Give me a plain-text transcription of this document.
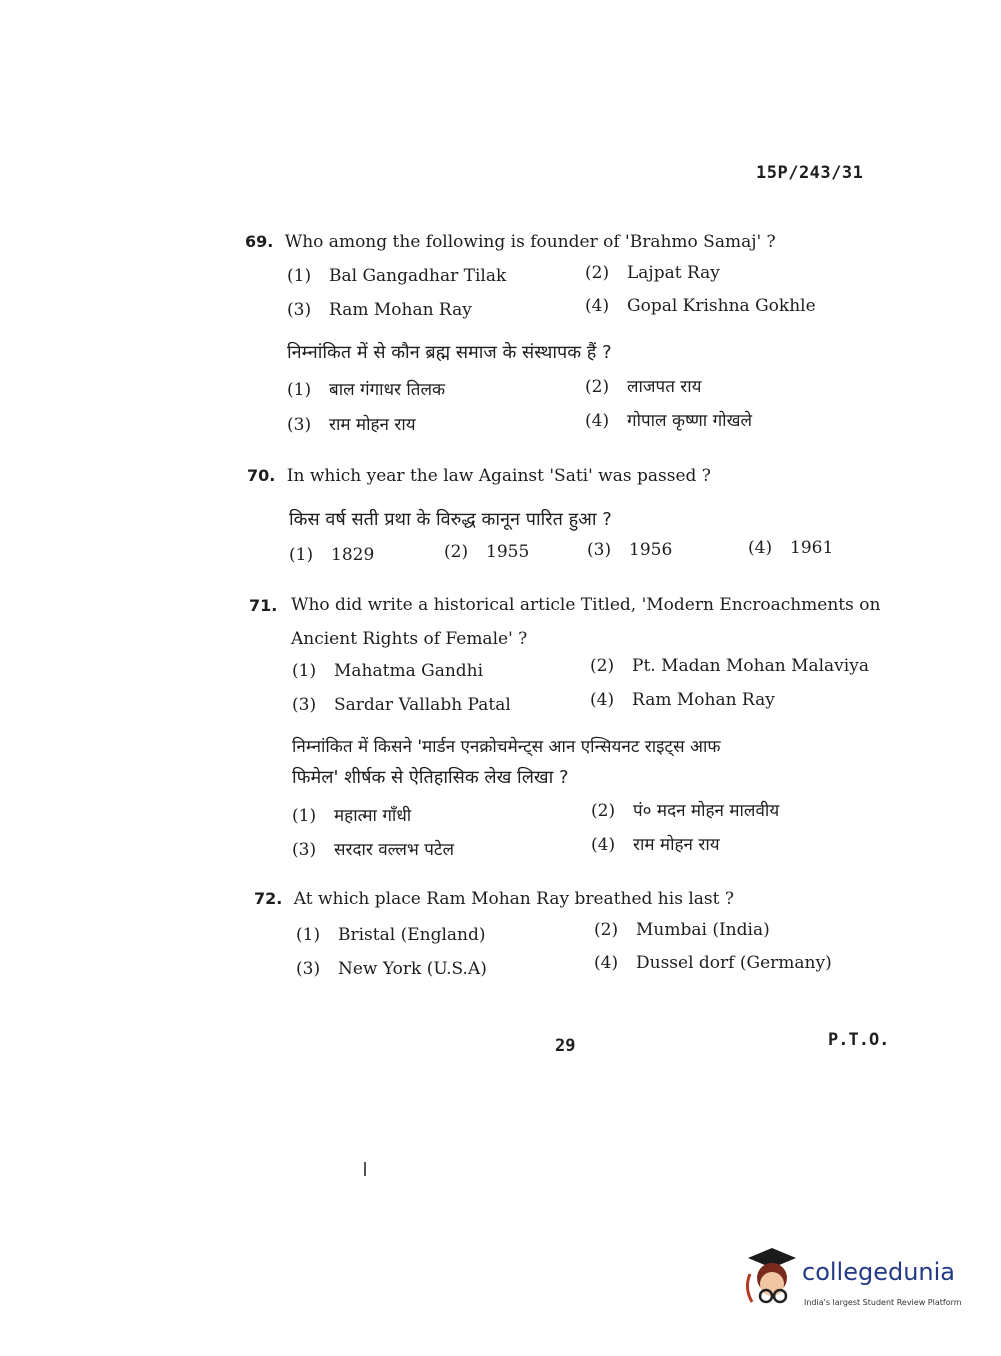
15P/243/31
69. Who among the following is founder of 'Brahmo Samaj' ?
(1) Bal Gangadhar Tilak	(2) Lajpat Ray
(3) Ram Mohan Ray	(4) Gopal Krishna Gokhle
निम्नांकित में से कौन ब्रह्म समाज के संस्थापक हैं ?
(1) बाल गंगाधर तिलक	(2) लाजपत राय
(3) राम मोहन राय	(4) गोपाल कृष्णा गोखले
70. In which year the law Against 'Sati' was passed ?
किस वर्ष सती प्रथा के विरुद्ध कानून पारित हुआ ?
(1) 1829	(2) 1955	(3) 1956	(4) 1961
71. Who did write a historical article Titled, 'Modern Encroachments on Ancient Rights of Female' ?
(1) Mahatma Gandhi	(2) Pt. Madan Mohan Malaviya
(3) Sardar Vallabh Patal	(4) Ram Mohan Ray
निम्नांकित में किसने 'मार्डन एनक्रोचमेन्ट्स आन एन्सियनट राइट्स आफ
फिमेल' शीर्षक से ऐतिहासिक लेख लिखा ?
(1) महात्मा गाँधी	(2) पं० मदन मोहन मालवीय
(3) सरदार वल्लभ पटेल	(4) राम मोहन राय
72. At which place Ram Mohan Ray breathed his last ?
(1) Bristal (England)	(2) Mumbai (India)
(3) New York (U.S.A)	(4) Dussel dorf (Germany)
29	P.T.O.
collegedunia
India's largest Student Review Platform
